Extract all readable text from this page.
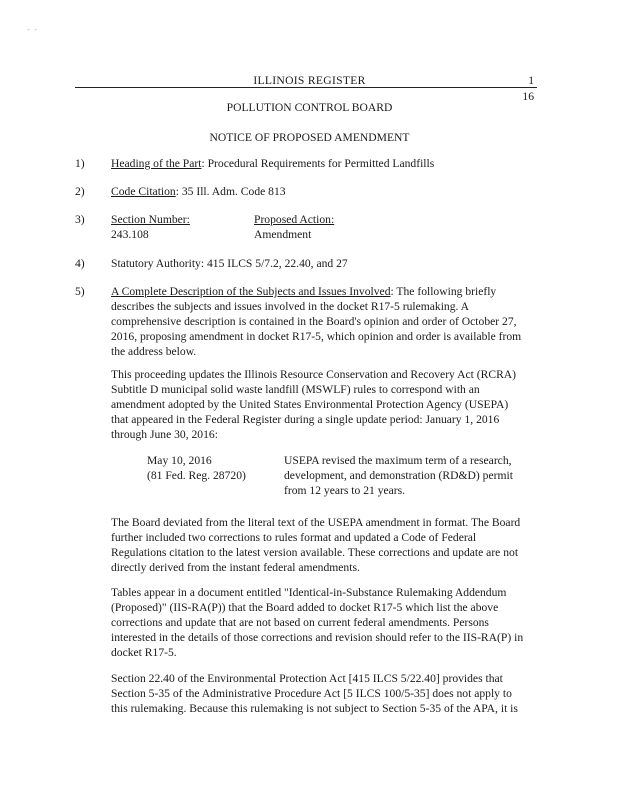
- -
ILLINOIS REGISTER	1
16
POLLUTION CONTROL BOARD
NOTICE OF PROPOSED AMENDMENT
1) Heading of the Part: Procedural Requirements for Permitted Landfills
2) Code Citation: 35 Ill. Adm. Code 813
3) Section Number:
243.108
Proposed Action:
Amendment
4) Statutory Authority: 415 ILCS 5/7.2, 22.40, and 27
5) A Complete Description of the Subjects and Issues Involved: The following briefly
describes the subjects and issues involved in the docket R17-5 rulemaking. A
comprehensive description is contained in the Board's opinion and order of October 27,
2016, proposing amendment in docket R17-5, which opinion and order is available from
the address below.
This proceeding updates the Illinois Resource Conservation and Recovery Act (RCRA)
Subtitle D municipal solid waste landfill (MSWLF) rules to correspond with an
amendment adopted by the United States Environmental Protection Agency (USEPA)
that appeared in the Federal Register during a single update period: January 1, 2016
through June 30, 2016:
May 10, 2016
(81 Fed. Reg. 28720)
USEPA revised the maximum term of a research,
development, and demonstration (RD&D) permit
from 12 years to 21 years.
The Board deviated from the literal text of the USEPA amendment in format. The Board
further included two corrections to rules format and updated a Code of Federal
Regulations citation to the latest version available. These corrections and update are not
directly derived from the instant federal amendments.
Tables appear in a document entitled "Identical-in-Substance Rulemaking Addendum
(Proposed)" (IIS-RA(P)) that the Board added to docket R17-5 which list the above
corrections and update that are not based on current federal amendments. Persons
interested in the details of those corrections and revision should refer to the IIS-RA(P) in
docket R17-5.
Section 22.40 of the Environmental Protection Act [415 ILCS 5/22.40] provides that
Section 5-35 of the Administrative Procedure Act [5 ILCS 100/5-35] does not apply to
this rulemaking. Because this rulemaking is not subject to Section 5-35 of the APA, it is
